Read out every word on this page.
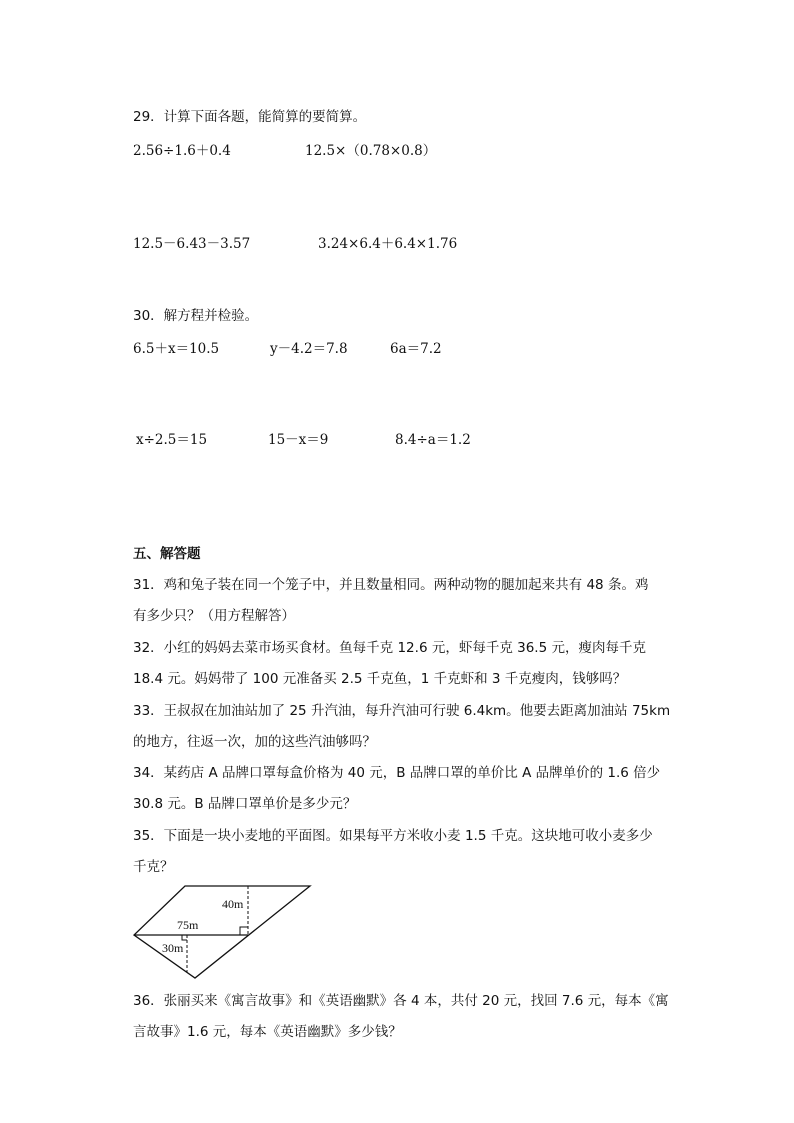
29．计算下面各题，能简算的要简算。
2.56÷1.6＋0.4	12.5×（0.78×0.8）
12.5－6.43－3.57	3.24×6.4＋6.4×1.76
30．解方程并检验。
6.5＋x＝10.5	y－4.2＝7.8	6a＝7.2
x÷2.5＝15	15－x＝9	8.4÷a＝1.2
五、解答题
31．鸡和兔子装在同一个笼子中，并且数量相同。两种动物的腿加起来共有 48 条。鸡
有多少只？（用方程解答）
32．小红的妈妈去菜市场买食材。鱼每千克 12.6 元，虾每千克 36.5 元，瘦肉每千克
18.4 元。妈妈带了 100 元准备买 2.5 千克鱼，1 千克虾和 3 千克瘦肉，钱够吗？
33．王叔叔在加油站加了 25 升汽油，每升汽油可行驶 6.4km。他要去距离加油站 75km
的地方，往返一次，加的这些汽油够吗？
34．某药店 A 品牌口罩每盒价格为 40 元，B 品牌口罩的单价比 A 品牌单价的 1.6 倍少
30.8 元。B 品牌口罩单价是多少元？
35．下面是一块小麦地的平面图。如果每平方米收小麦 1.5 千克。这块地可收小麦多少
千克？
40m
75m
30m
36．张丽买来《寓言故事》和《英语幽默》各 4 本，共付 20 元，找回 7.6 元，每本《寓
言故事》1.6 元，每本《英语幽默》多少钱？
